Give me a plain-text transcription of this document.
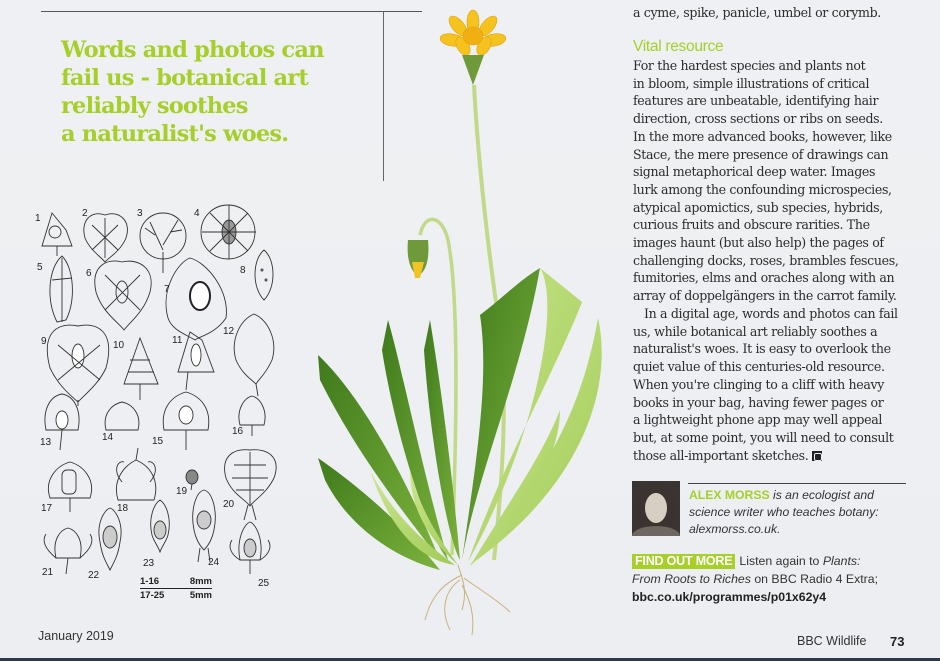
Words and photos can
fail us - botanical art
reliably soothes
a naturalist's woes.
1	2	3	4
5
6
7
8
9	10	11
12
13	14	15
16
17	18
19
20
21	22
23	24
25
1-16	8mm
17-25	5mm
a cyme, spike, panicle, umbel or corymb.
Vital resource
For the hardest species and plants not
in bloom, simple illustrations of critical
features are unbeatable, identifying hair
direction, cross sections or ribs on seeds.
In the more advanced books, however, like
Stace, the mere presence of drawings can
signal metaphorical deep water. Images
lurk among the confounding microspecies,
atypical apomictics, sub species, hybrids,
curious fruits and obscure rarities. The
images haunt (but also help) the pages of
challenging docks, roses, brambles fescues,
fumitories, elms and oraches along with an
array of doppelgängers in the carrot family.
In a digital age, words and photos can fail
us, while botanical art reliably soothes a
naturalist's woes. It is easy to overlook the
quiet value of this centuries-old resource.
When you're clinging to a cliff with heavy
books in your bag, having fewer pages or
a lightweight phone app may well appeal
but, at some point, you will need to consult
those all-important sketches.
ALEX MORSS is an ecologist and
science writer who teaches botany:
alexmorss.co.uk.
FIND OUT MORE Listen again to Plants:
From Roots to Riches on BBC Radio 4 Extra;
bbc.co.uk/programmes/p01x62y4
January 2019	BBC Wildlife 73
